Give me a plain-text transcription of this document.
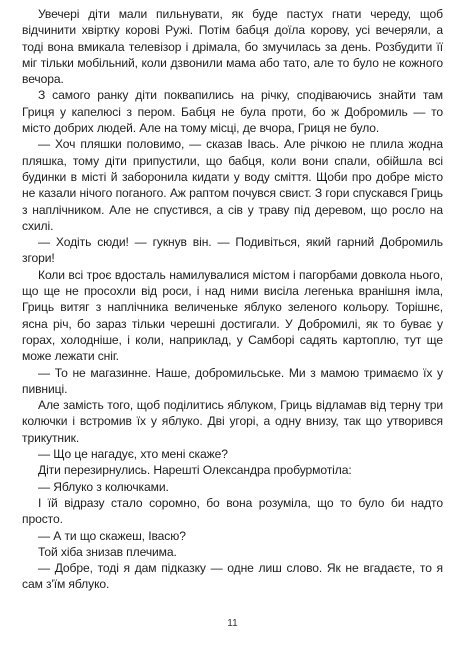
Увечері діти мали пильнувати, як буде пастух гнати череду, щоб відчинити хвіртку корові Ружі. Потім бабця доїла корову, усі вечеряли, а тоді вона вмикала телевізор і дрімала, бо змучилась за день. Розбудити її міг тільки мобільний, коли дзвонили мама або тато, але то було не кожного вечора.

З самого ранку діти поквапились на річку, сподіваючись знайти там Гриця у капелюсі з пером. Бабця не була проти, бо ж Добромиль — то місто добрих людей. Але на тому місці, де вчора, Гриця не було.

— Хоч пляшки половимо, — сказав Івась. Але річкою не плила жодна пляшка, тому діти припустили, що бабця, коли вони спали, обійшла всі будинки в місті й заборонила кидати у воду сміття. Щоби про добре місто не казали нічого поганого. Аж раптом почувся свист. З гори спускався Гриць з наплічником. Але не спустився, а сів у траву під деревом, що росло на схилі.

— Ходіть сюди! — гукнув він. — Подивіться, який гарний Добромиль згори!

Коли всі троє вдосталь намилувалися містом і пагорбами довкола нього, що ще не просохли від роси, і над ними висіла легенька вранішня імла, Гриць витяг з наплічника величеньке яблуко зеленого кольору. Торішнє, ясна річ, бо зараз тільки черешні достигали. У Добромилі, як то буває у горах, холодніше, і коли, наприклад, у Самборі садять картоплю, тут ще може лежати сніг.

— То не магазинне. Наше, добромильське. Ми з мамою тримаємо їх у пивниці.

Але замість того, щоб поділитись яблуком, Гриць відламав від терну три колючки і встромив їх у яблуко. Дві угорі, а одну внизу, так що утворився трикутник.

— Що це нагадує, хто мені скаже?

Діти перезирнулись. Нарешті Олександра пробурмотіла:

— Яблуко з колючками.

І їй відразу стало соромно, бо вона розуміла, що то було би надто просто.

— А ти що скажеш, Івасю?

Той хіба знизав плечима.

— Добре, тоді я дам підказку — одне лиш слово. Як не вгадаєте, то я сам з'їм яблуко.

11
